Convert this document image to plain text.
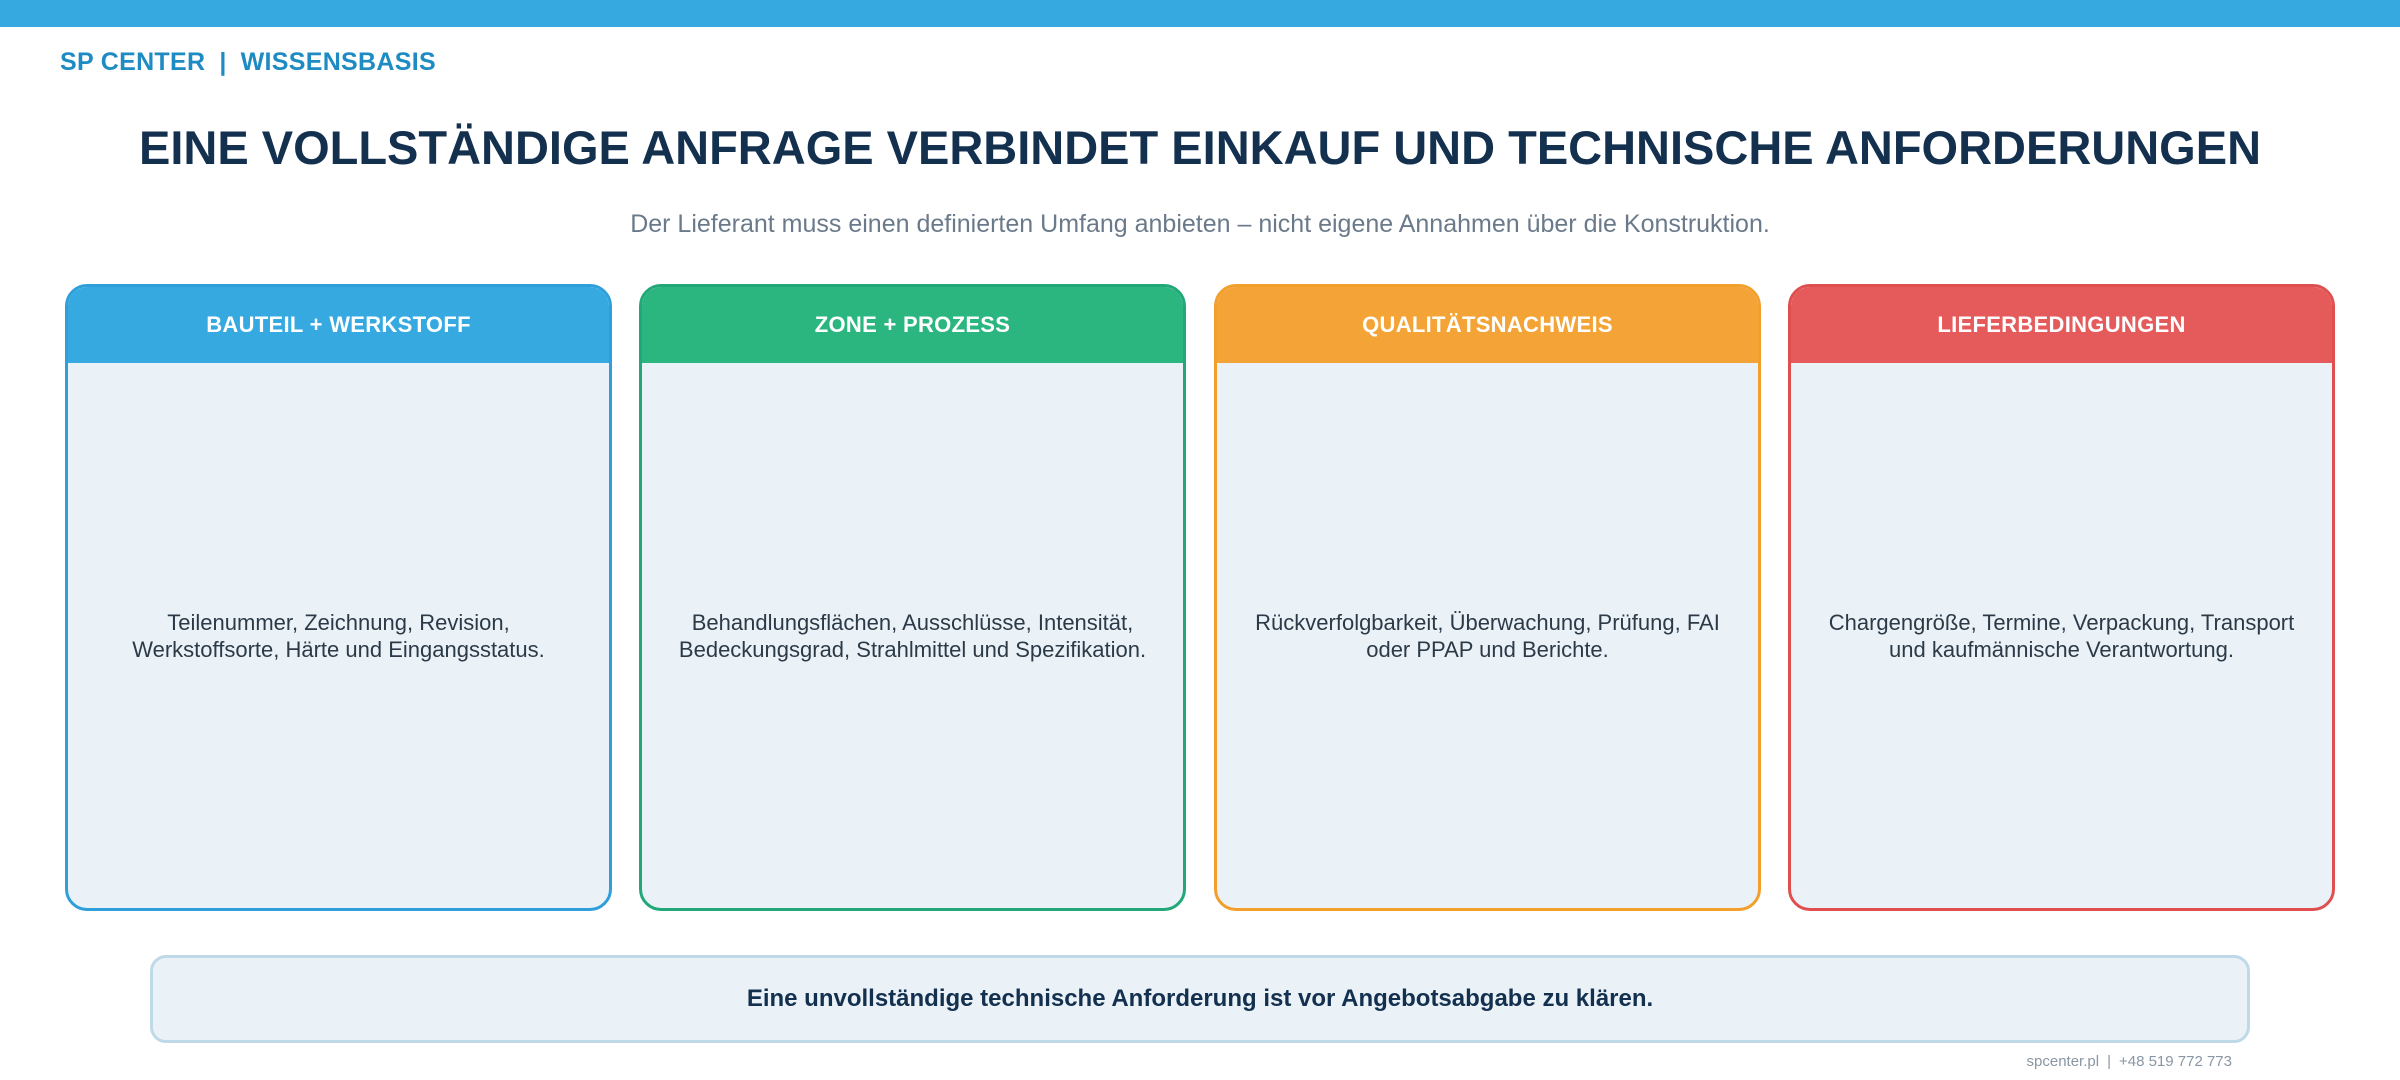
SP CENTER | WISSENSBASIS
EINE VOLLSTÄNDIGE ANFRAGE VERBINDET EINKAUF UND TECHNISCHE ANFORDERUNGEN

Der Lieferant muss einen definierten Umfang anbieten – nicht eigene Annahmen über die Konstruktion.

BAUTEIL + WERKSTOFF
Teilenummer, Zeichnung, Revision, Werkstoffsorte, Härte und Eingangsstatus.
ZONE + PROZESS
Behandlungsflächen, Ausschlüsse, Intensität, Bedeckungsgrad, Strahlmittel und Spezifikation.
QUALITÄTSNACHWEIS
Rückverfolgbarkeit, Überwachung, Prüfung, FAI oder PPAP und Berichte.
LIEFERBEDINGUNGEN
Chargengröße, Termine, Verpackung, Transport und kaufmännische Verantwortung.
Eine unvollständige technische Anforderung ist vor Angebotsabgabe zu klären.
spcenter.pl | +48 519 772 773
